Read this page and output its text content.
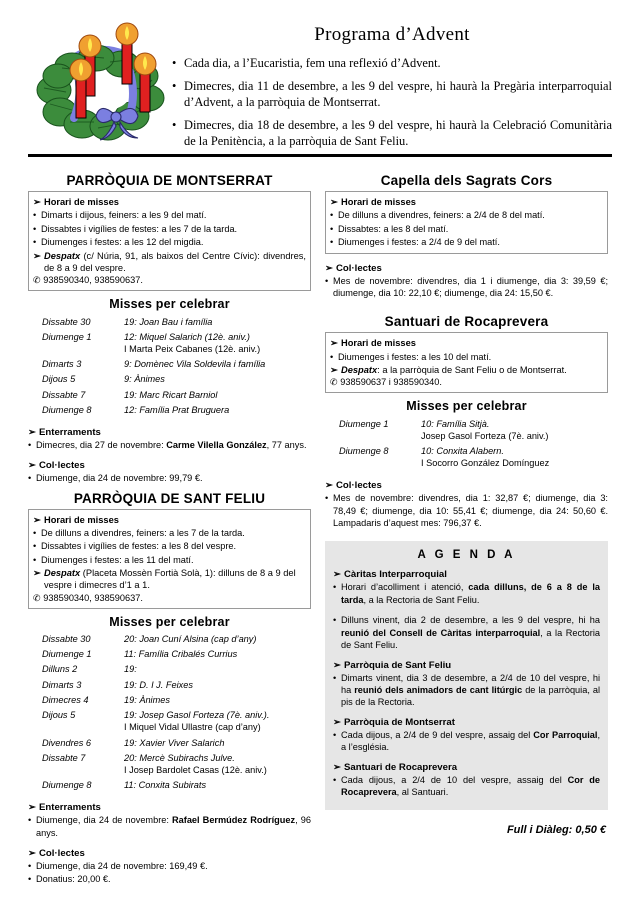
Programa d’Advent
• Cada dia, a l’Eucaristia, fem una reflexió d’Advent.
• Dimecres, dia 11 de desembre, a les 9 del vespre, hi haurà la Pregària interparroquial d’Advent, a la parròquia de Montserrat.
• Dimecres, dia 18 de desembre, a les 9 del vespre, hi haurà la Celebració Comunitària de la Penitència, a la parròquia de Sant Feliu.
PARRÒQUIA DE MONTSERRAT
➢ Horari de misses
• Dimarts i dijous, feiners: a les 9 del matí.
• Dissabtes i vigílies de festes: a les 7 de la tarda.
• Diumenges i festes: a les 12 del migdia.
➢ Despatx (c/ Núria, 91, als baixos del Centre Cívic): divendres, de 8 a 9 del vespre.
✆ 938590340, 938590637.
Misses per celebrar
Dissabte 30	19: Joan Bau i família
Diumenge 1	12: Miquel Salarich (12è. aniv.)
I Marta Peix Cabanes (12è. aniv.)
Dimarts 3	9: Domènec Vila Soldevila i família
Dijous 5	9: Ànimes
Dissabte 7	19: Marc Ricart Barniol
Diumenge 8	12: Família Prat Bruguera
➢ Enterraments
• Dimecres, dia 27 de novembre: Carme Vilella González, 77 anys.
➢ Col·lectes
• Diumenge, dia 24 de novembre: 99,79 €.
PARRÒQUIA DE SANT FELIU
➢ Horari de misses
• De dilluns a divendres, feiners: a les 7 de la tarda.
• Dissabtes i vigílies de festes: a les 8 del vespre.
• Diumenges i festes: a les 11 del matí.
➢ Despatx (Placeta Mossèn Fortià Solà, 1): dilluns de 8 a 9 del vespre i dimecres d’1 a 1.
✆ 938590340, 938590637.
Misses per celebrar
Dissabte 30	20: Joan Cuní Alsina (cap d’any)
Diumenge 1	11: Família Cribalés Currius
Dilluns 2	19:
Dimarts 3	19: D. I J. Feixes
Dimecres 4	19: Ànimes
Dijous 5	19: Josep Gasol Forteza (7è. aniv.).
I Miquel Vidal Ullastre (cap d’any)
Divendres 6	19: Xavier Viver Salarich
Dissabte 7	20: Mercè Subirachs Julve.
I Josep Bardolet Casas (12è. aniv.)
Diumenge 8	11: Conxita Subirats
➢ Enterraments
• Diumenge, dia 24 de novembre: Rafael Bermúdez Rodríguez, 96 anys.
➢ Col·lectes
• Diumenge, dia 24 de novembre: 169,49 €.
• Donatius: 20,00 €.
Capella dels Sagrats Cors
➢ Horari de misses
• De dilluns a divendres, feiners: a 2/4 de 8 del matí.
• Dissabtes: a les 8 del matí.
• Diumenges i festes: a 2/4 de 9 del matí.
➢ Col·lectes
• Mes de novembre: divendres, dia 1 i diumenge, dia 3: 39,59 €; diumenge, dia 10: 22,10 €; diumenge, dia 24: 15,50 €.
Santuari de Rocaprevera
➢ Horari de misses
• Diumenges i festes: a les 10 del matí.
➢ Despatx: a la parròquia de Sant Feliu o de Montserrat.
✆ 938590637 i 938590340.
Misses per celebrar
Diumenge 1	10: Família Sitjà.
Josep Gasol Forteza (7è. aniv.)
Diumenge 8	10: Conxita Alabern.
I Socorro González Domínguez
➢ Col·lectes
• Mes de novembre: divendres, dia 1: 32,87 €; diumenge, dia 3: 78,49 €; diumenge, dia 10: 55,41 €; diumenge, dia 24: 50,60 €. Lampadaris d’aquest mes: 796,37 €.
A G E N D A
➢ Càritas Interparroquial
• Horari d’acolliment i atenció, cada dilluns, de 6 a 8 de la tarda, a la Rectoria de Sant Feliu.
• Dilluns vinent, dia 2 de desembre, a les 9 del vespre, hi ha reunió del Consell de Càritas interparroquial, a la Rectoria de Sant Feliu.
➢ Parròquia de Sant Feliu
• Dimarts vinent, dia 3 de desembre, a 2/4 de 10 del vespre, hi ha reunió dels animadors de cant litúrgic de la parròquia, al pis de la Rectoria.
➢ Parròquia de Montserrat
• Cada dijous, a 2/4 de 9 del vespre, assaig del Cor Parroquial, a l’església.
➢ Santuari de Rocaprevera
• Cada dijous, a 2/4 de 10 del vespre, assaig del Cor de Rocaprevera, al Santuari.
Full i Diàleg: 0,50 €
